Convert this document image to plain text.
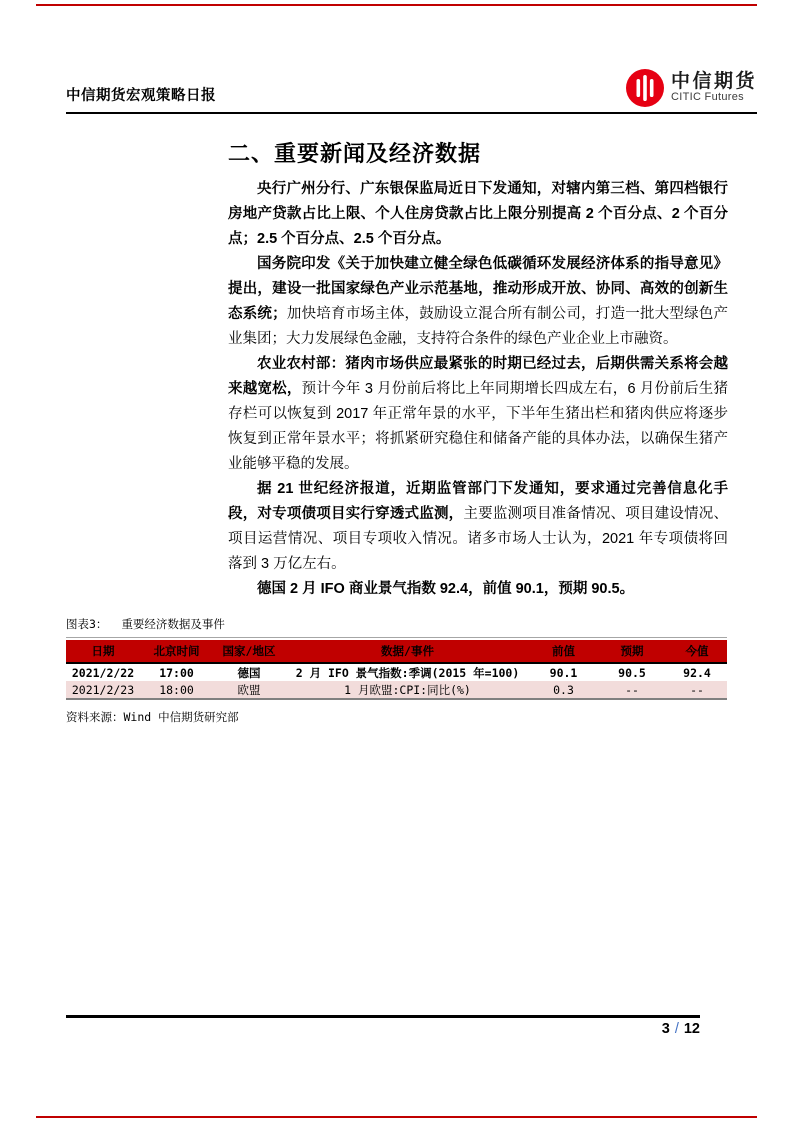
中信期货宏观策略日报
中信期货
CITIC Futures
二、重要新闻及经济数据

央行广州分行、广东银保监局近日下发通知，对辖内第三档、第四档银行房地产贷款占比上限、个人住房贷款占比上限分别提高 2 个百分点、2 个百分点；2.5 个百分点、2.5 个百分点。

国务院印发《关于加快建立健全绿色低碳循环发展经济体系的指导意见》提出，建设一批国家绿色产业示范基地，推动形成开放、协同、高效的创新生态系统；加快培育市场主体，鼓励设立混合所有制公司，打造一批大型绿色产业集团；大力发展绿色金融，支持符合条件的绿色产业企业上市融资。

农业农村部：猪肉市场供应最紧张的时期已经过去，后期供需关系将会越来越宽松，预计今年 3 月份前后将比上年同期增长四成左右，6 月份前后生猪存栏可以恢复到 2017 年正常年景的水平，下半年生猪出栏和猪肉供应将逐步恢复到正常年景水平；将抓紧研究稳住和储备产能的具体办法，以确保生猪产业能够平稳的发展。

据 21 世纪经济报道，近期监管部门下发通知，要求通过完善信息化手段，对专项债项目实行穿透式监测，主要监测项目准备情况、项目建设情况、项目运营情况、项目专项收入情况。诸多市场人士认为，2021 年专项债将回落到 3 万亿左右。

德国 2 月 IFO 商业景气指数 92.4，前值 90.1，预期 90.5。

图表3： 重要经济数据及事件
日期	北京时间	国家/地区	数据/事件	前值	预期	今值
2021/2/22	17:00	德国	2 月 IFO 景气指数:季调(2015 年=100)	90.1	90.5	92.4
2021/2/23	18:00	欧盟	1 月欧盟:CPI:同比(%)	0.3	--	--
资料来源：Wind 中信期货研究部
3 / 12
